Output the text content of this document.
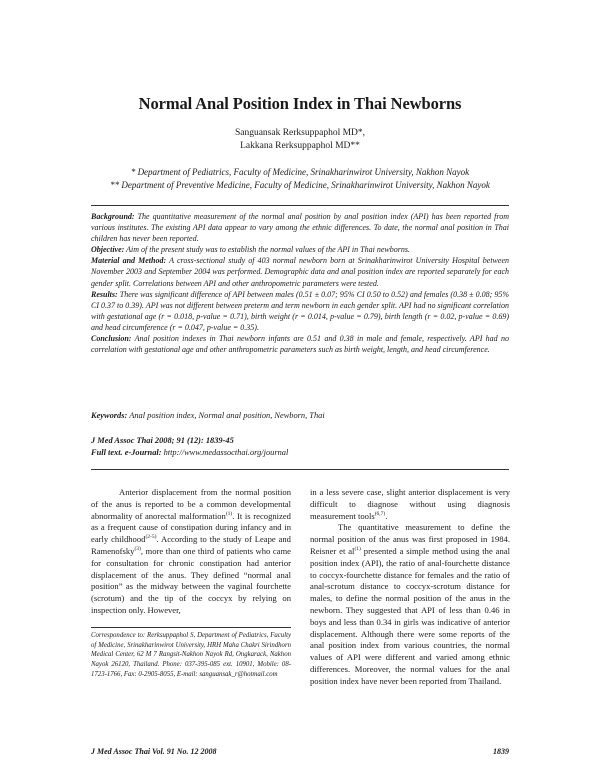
Normal Anal Position Index in Thai Newborns
Sanguansak Rerksuppaphol MD*,
Lakkana Rerksuppaphol MD**
* Department of Pediatrics, Faculty of Medicine, Srinakharinwirot University, Nakhon Nayok
** Department of Preventive Medicine, Faculty of Medicine, Srinakharinwirot University, Nakhon Nayok

Background: The quantitative measurement of the normal anal position by anal position index (API) has been reported from various institutes. The existing API data appear to vary among the ethnic differences. To date, the normal anal position in Thai children has never been reported.

Objective: Aim of the present study was to establish the normal values of the API in Thai newborns.

Material and Method: A cross-sectional study of 403 normal newborn born at Srinakharinwirot University Hospital between November 2003 and September 2004 was performed. Demographic data and anal position index are reported separately for each gender split. Correlations between API and other anthropometric parameters were tested.

Results: There was significant difference of API between males (0.51 ± 0.07; 95% CI 0.50 to 0.52) and females (0.38 ± 0.08; 95% CI 0.37 to 0.39). API was not different between preterm and term newborn in each gender split. API had no significant correlation with gestational age (r = 0.018, p-value = 0.71), birth weight (r = 0.014, p-value = 0.79), birth length (r = 0.02, p-value = 0.69) and head circumference (r = 0.047, p-value = 0.35).

Conclusion: Anal position indexes in Thai newborn infants are 0.51 and 0.38 in male and female, respectively. API had no correlation with gestational age and other anthropometric parameters such as birth weight, length, and head circumference.

Keywords: Anal position index, Normal anal position, Newborn, Thai
J Med Assoc Thai 2008; 91 (12): 1839-45
Full text. e-Journal: http://www.medassocthai.org/journal

Anterior displacement from the normal position of the anus is reported to be a common developmental abnormality of anorectal malformation$^{(1)}$. It is recognized as a frequent cause of constipation during infancy and in early childhood$^{(2-5)}$. According to the study of Leape and Ramenofsky$^{(3)}$, more than one third of patients who came for consultation for chronic constipation had anterior displacement of the anus. They defined “normal anal position” as the midway between the vaginal fourchette (scrotum) and the tip of the coccyx by relying on inspection only. However,

in a less severe case, slight anterior displacement is very difficult to diagnose without using diagnosis measurement tools$^{(6,7)}$.

The quantitative measurement to define the normal position of the anus was first proposed in 1984. Reisner et $al^{(1)}$ presented a simple method using the anal position index (API), the ratio of anal-fourchette distance to coccyx-fourchette distance for females and the ratio of anal-scrotum distance to coccyx-scrotum distance for males, to define the normal position of the anus in the newborn. They suggested that API of less than 0.46 in boys and less than 0.34 in girls was indicative of anterior displacement. Although there were some reports of the anal position index from various countries, the normal values of API were different and varied among ethnic differences. Moreover, the normal values for the anal position index have never been reported from Thailand.

Correspondence to: Rerksuppaphol S, Department of Pediatrics, Faculty of Medicine, Srinakharinwirot University, HRH Maha Chakri Sirindhorn Medical Center, 62 M 7 Rangsit-Nakhon Nayok Rd, Ongkarack, Nakhon Nayok 26120, Thailand. Phone: 037-395-085 ext. 10901, Mobile: 08-1723-1766, Fax: 0-2905-8055, E-mail: sanguansak_r@hotmail.com
J Med Assoc Thai Vol. 91 No. 12 2008	1839
